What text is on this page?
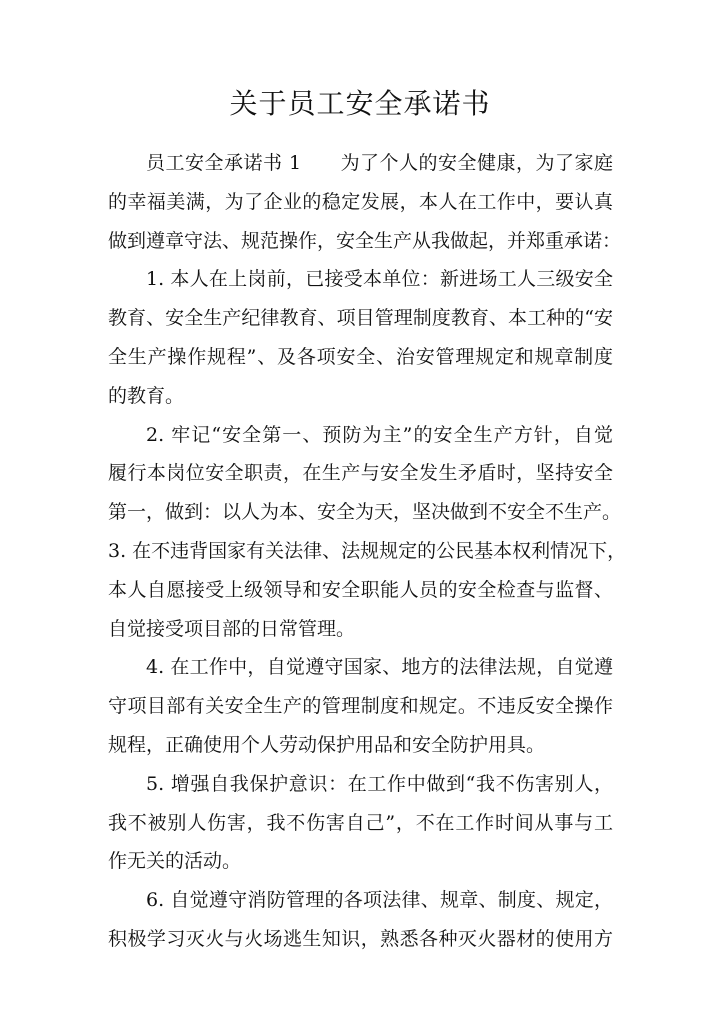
关于员工安全承诺书
员工安全承诺书 1　　为了个人的安全健康，为了家庭
的幸福美满，为了企业的稳定发展，本人在工作中，要认真
做到遵章守法、规范操作，安全生产从我做起，并郑重承诺：
1. 本人在上岗前，已接受本单位：新进场工人三级安全
教育、安全生产纪律教育、项目管理制度教育、本工种的“安
全生产操作规程”、及各项安全、治安管理规定和规章制度
的教育。
2. 牢记“安全第一、预防为主”的安全生产方针，自觉
履行本岗位安全职责，在生产与安全发生矛盾时，坚持安全
第一，做到：以人为本、安全为天，坚决做到不安全不生产。
3. 在不违背国家有关法律、法规规定的公民基本权利情况下，
本人自愿接受上级领导和安全职能人员的安全检查与监督、
自觉接受项目部的日常管理。
4. 在工作中，自觉遵守国家、地方的法律法规，自觉遵
守项目部有关安全生产的管理制度和规定。不违反安全操作
规程，正确使用个人劳动保护用品和安全防护用具。
5. 增强自我保护意识：在工作中做到“我不伤害别人，
我不被别人伤害，我不伤害自己”，不在工作时间从事与工
作无关的活动。
6. 自觉遵守消防管理的各项法律、规章、制度、规定，
积极学习灭火与火场逃生知识，熟悉各种灭火器材的使用方
